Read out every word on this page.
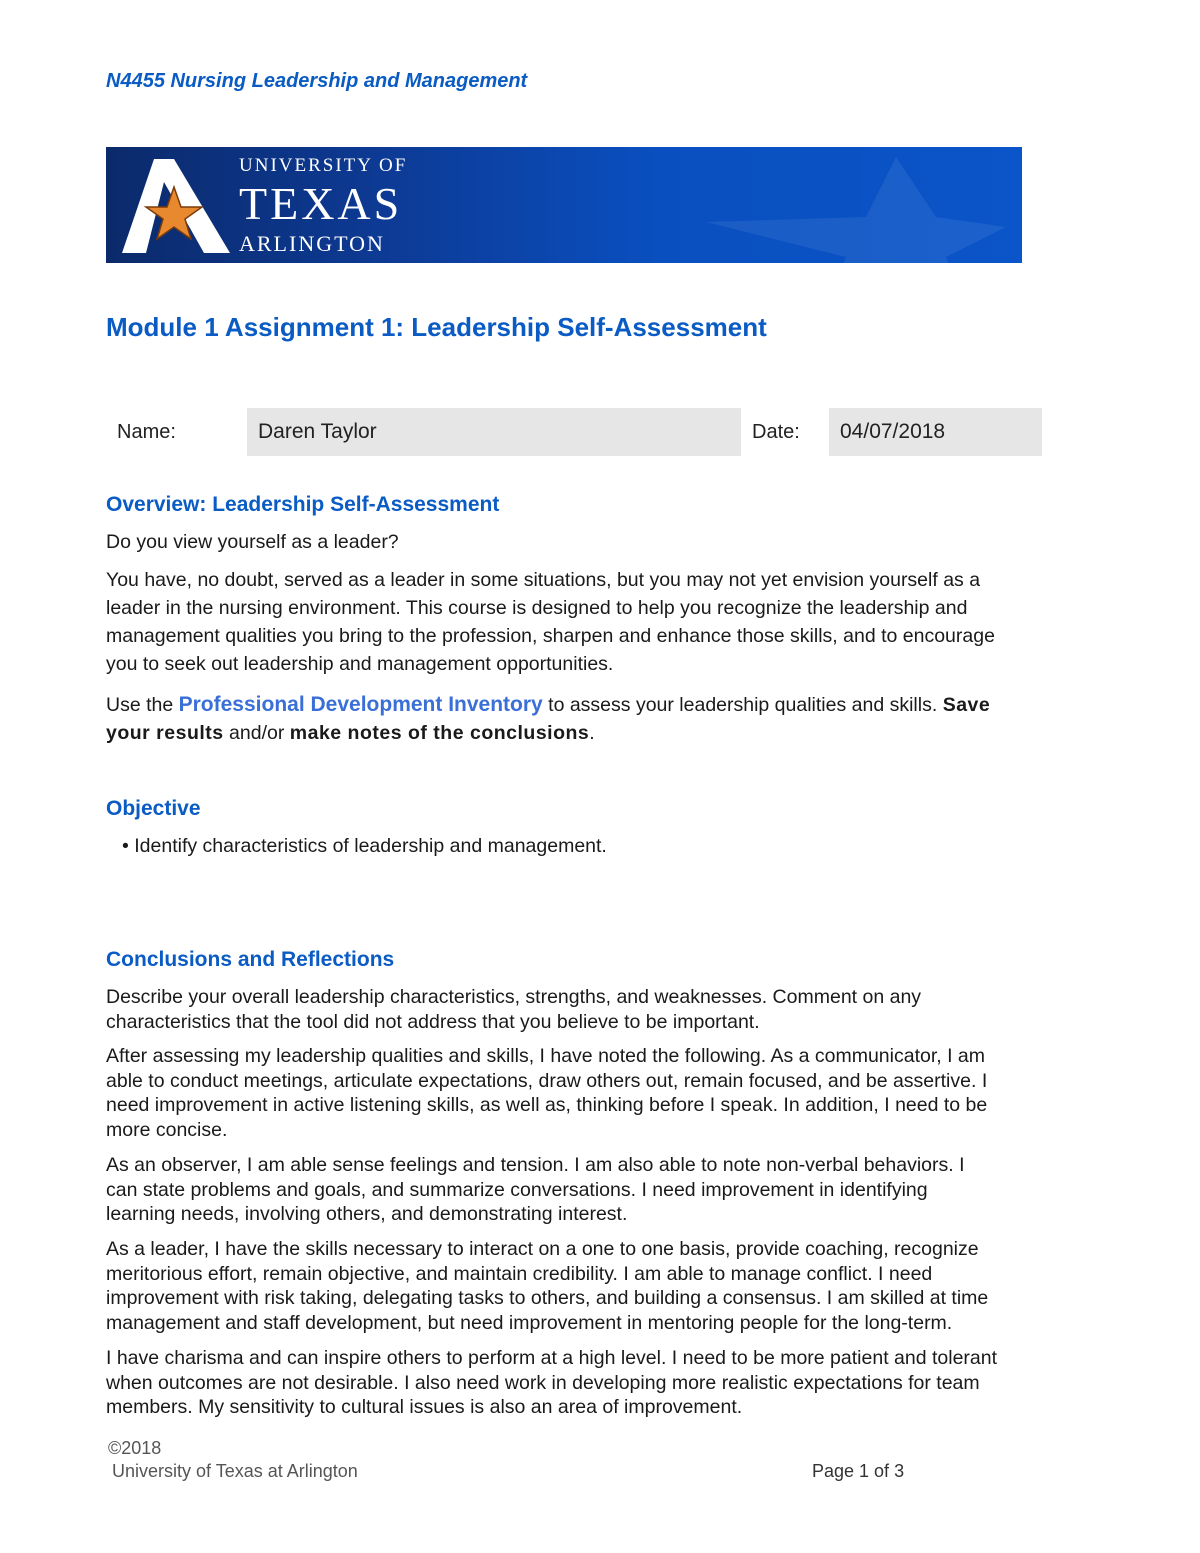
N4455 Nursing Leadership and Management
UNIVERSITY OF
TEXAS
ARLINGTON
Module 1 Assignment 1: Leadership Self-Assessment
Name:	Daren Taylor	Date:	04/07/2018
Overview: Leadership Self-Assessment
Do you view yourself as a leader?
You have, no doubt, served as a leader in some situations, but you may not yet envision yourself as a
leader in the nursing environment. This course is designed to help you recognize the leadership and
management qualities you bring to the profession, sharpen and enhance those skills, and to encourage
you to seek out leadership and management opportunities.
Use the Professional Development Inventory to assess your leadership qualities and skills. Save
your results and/or make notes of the conclusions.
Objective
• Identify characteristics of leadership and management.
Conclusions and Reflections
Describe your overall leadership characteristics, strengths, and weaknesses. Comment on any
characteristics that the tool did not address that you believe to be important.
After assessing my leadership qualities and skills, I have noted the following. As a communicator, I am
able to conduct meetings, articulate expectations, draw others out, remain focused, and be assertive. I
need improvement in active listening skills, as well as, thinking before I speak. In addition, I need to be
more concise.
As an observer, I am able sense feelings and tension. I am also able to note non-verbal behaviors. I
can state problems and goals, and summarize conversations. I need improvement in identifying
learning needs, involving others, and demonstrating interest.
As a leader, I have the skills necessary to interact on a one to one basis, provide coaching, recognize
meritorious effort, remain objective, and maintain credibility. I am able to manage conflict. I need
improvement with risk taking, delegating tasks to others, and building a consensus. I am skilled at time
management and staff development, but need improvement in mentoring people for the long-term.
I have charisma and can inspire others to perform at a high level. I need to be more patient and tolerant
when outcomes are not desirable. I also need work in developing more realistic expectations for team
members. My sensitivity to cultural issues is also an area of improvement.
©2018
University of Texas at Arlington	Page 1 of 3
